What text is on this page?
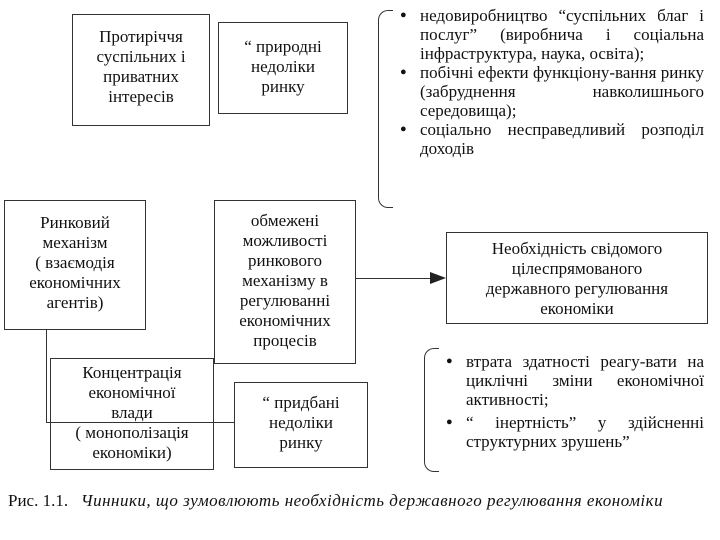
Протиріччя
суспільних і
приватних
інтересів
“ природні
недоліки
ринку
Ринковий
механізм
( взаємодія
економічних
агентів)
обмежені
можливості
ринкового
механізму в
регулюванні
економічних
процесів
Необхідність свідомого
цілеспрямованого
державного регулювання
економіки
Концентрація
економічної
влади
( монополізація
економіки)
“ придбані
недоліки
ринку
● недовиробництво “суспільних благ і послуг” (виробнича і соціальна інфраструктура, наука, освіта);
● побічні ефекти функціону-вання ринку (забруднення навколишнього середовища);
● соціально несправедливий розподіл доходів
● втрата здатності реагу-вати на циклічні зміни економічної активності;
● “ інертність” у здійсненні структурних зрушень”
Рис. 1.1. Чинники, що зумовлюють необхідність державного регулювання економіки
